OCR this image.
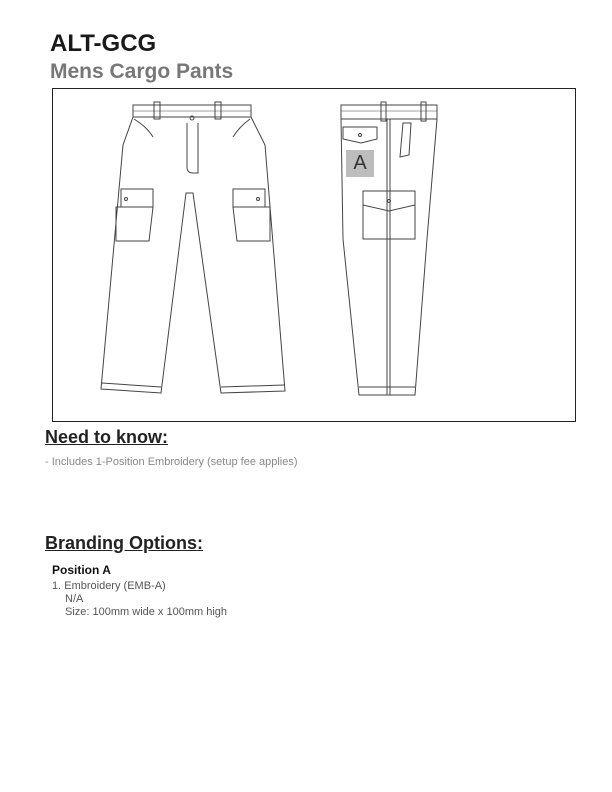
ALT-GCG
Mens Cargo Pants
A
Need to know:
- Includes 1-Position Embroidery (setup fee applies)
Branding Options:
Position A
1. Embroidery (EMB-A)
N/A
Size: 100mm wide x 100mm high
